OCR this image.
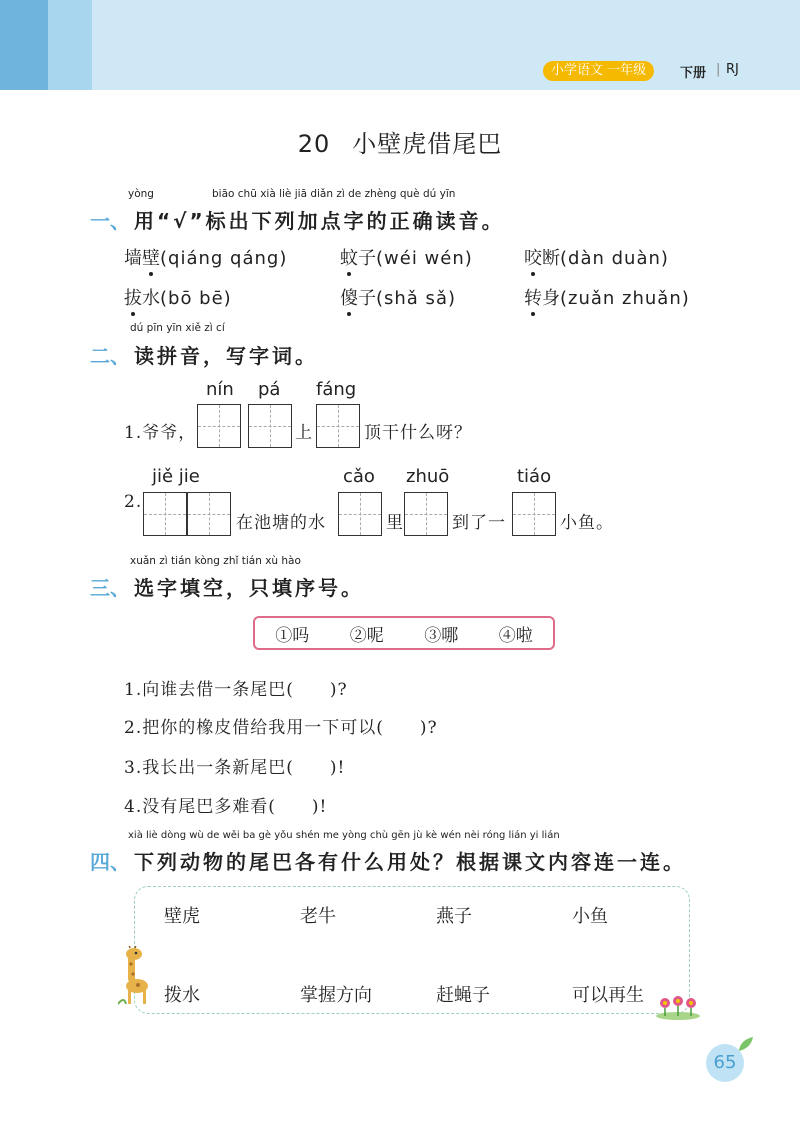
小学语文 一年级	下册 | RJ
20 小壁虎借尾巴
yòng	biāo chū xià liè jiā diǎn zì de zhèng què dú yīn
一、 用“√”标出下列加点字的正确读音。
墙壁(qiáng qáng)	蚊子(wéi wén)	咬断(dàn duàn)
拔水(bō bē)	傻子(shǎ sǎ)	转身(zuǎn zhuǎn)
dú pīn yīn xiě zì cí
二、 读拼音，写字词。
nín pá fáng
1.爷爷，	上	顶干什么呀？
jiě jie	cǎo zhuō	tiáo
2.
在池塘的水	里	到了一	小鱼。
xuǎn zì tián kòng zhǐ tián xù hào
三、 选字填空，只填序号。
①吗 ②呢 ③哪 ④啦
1.向谁去借一条尾巴(　　)?
2.把你的橡皮借给我用一下可以(　　)?
3.我长出一条新尾巴(　　)!
4.没有尾巴多难看(　　)!
xià liè dòng wù de wěi ba gè yǒu shén me yòng chù gēn jù kè wén nèi róng lián yi lián
四、 下列动物的尾巴各有什么用处？根据课文内容连一连。
壁虎	老牛	燕子	小鱼
拨水	掌握方向	赶蝇子	可以再生
65
